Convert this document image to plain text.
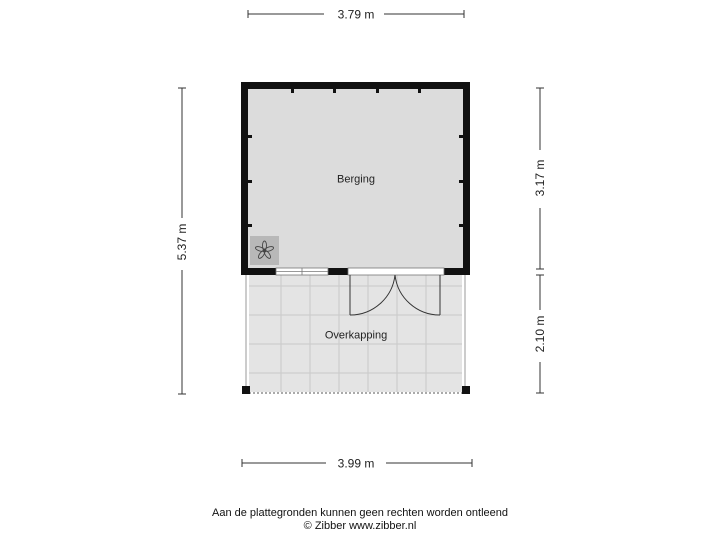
3.79 m
5.37 m
3.17 m
2.10 m
3.99 m
Berging
Overkapping
Aan de plattegronden kunnen geen rechten worden ontleend
© Zibber www.zibber.nl
